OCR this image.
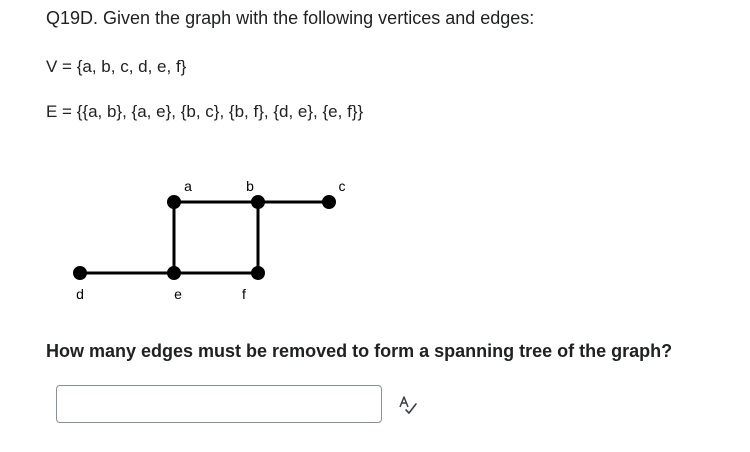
Q19D. Given the graph with the following vertices and edges:

V = {a, b, c, d, e, f}

E = {{a, b}, {a, e}, {b, c}, {b, f}, {d, e}, {e, f}}

a	b	c
d	e	f

How many edges must be removed to form a spanning tree of the graph?
